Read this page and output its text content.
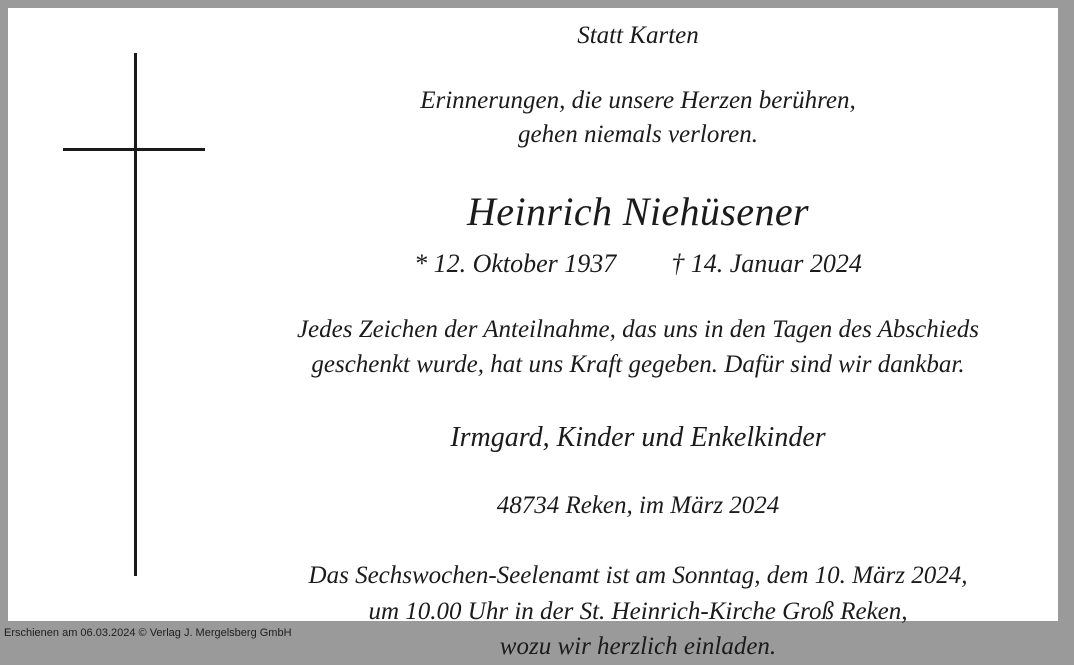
Statt Karten
Erinnerungen, die unsere Herzen berühren,
gehen niemals verloren.
Heinrich Niehüsener
* 12. Oktober 1937 † 14. Januar 2024
Jedes Zeichen der Anteilnahme, das uns in den Tagen des Abschieds
geschenkt wurde, hat uns Kraft gegeben. Dafür sind wir dankbar.
Irmgard, Kinder und Enkelkinder
48734 Reken, im März 2024
Das Sechswochen-Seelenamt ist am Sonntag, dem 10. März 2024,
um 10.00 Uhr in der St. Heinrich-Kirche Groß Reken,
wozu wir herzlich einladen.
Erschienen am 06.03.2024 © Verlag J. Mergelsberg GmbH
